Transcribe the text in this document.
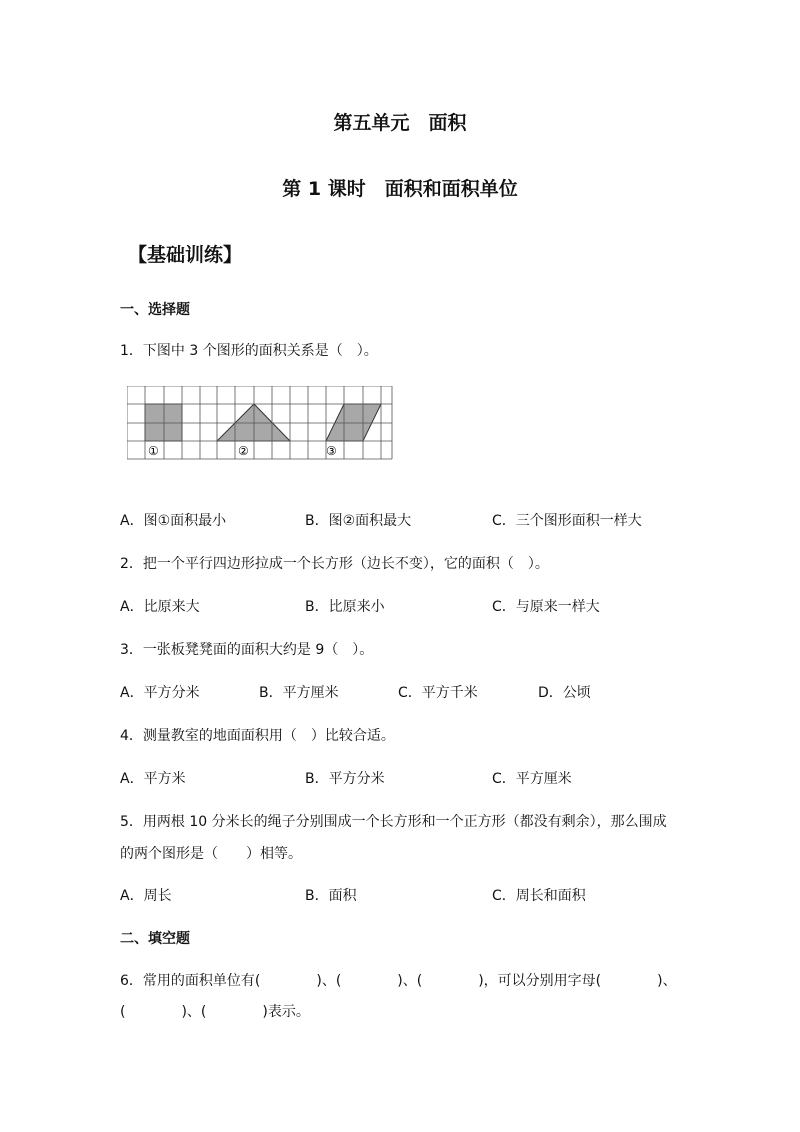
第五单元　面积
第 1 课时　面积和面积单位
【基础训练】
一、选择题
1．下图中 3 个图形的面积关系是（　）。
①	②	③
A．图①面积最小	B．图②面积最大	C．三个图形面积一样大
2．把一个平行四边形拉成一个长方形（边长不变），它的面积（　）。
A．比原来大	B．比原来小	C．与原来一样大
3．一张板凳凳面的面积大约是 9（　）。
A．平方分米	B．平方厘米	C．平方千米	D．公顷
4．测量教室的地面面积用（　）比较合适。
A．平方米	B．平方分米	C．平方厘米
5．用两根 10 分米长的绳子分别围成一个长方形和一个正方形（都没有剩余），那么围成
的两个图形是（　　）相等。
A．周长	B．面积	C．周长和面积
二、填空题
6．常用的面积单位有(　　　　)、(　　　　)、(　　　　)，可以分别用字母(　　　　)、
(　　　　)、(　　　　)表示。
